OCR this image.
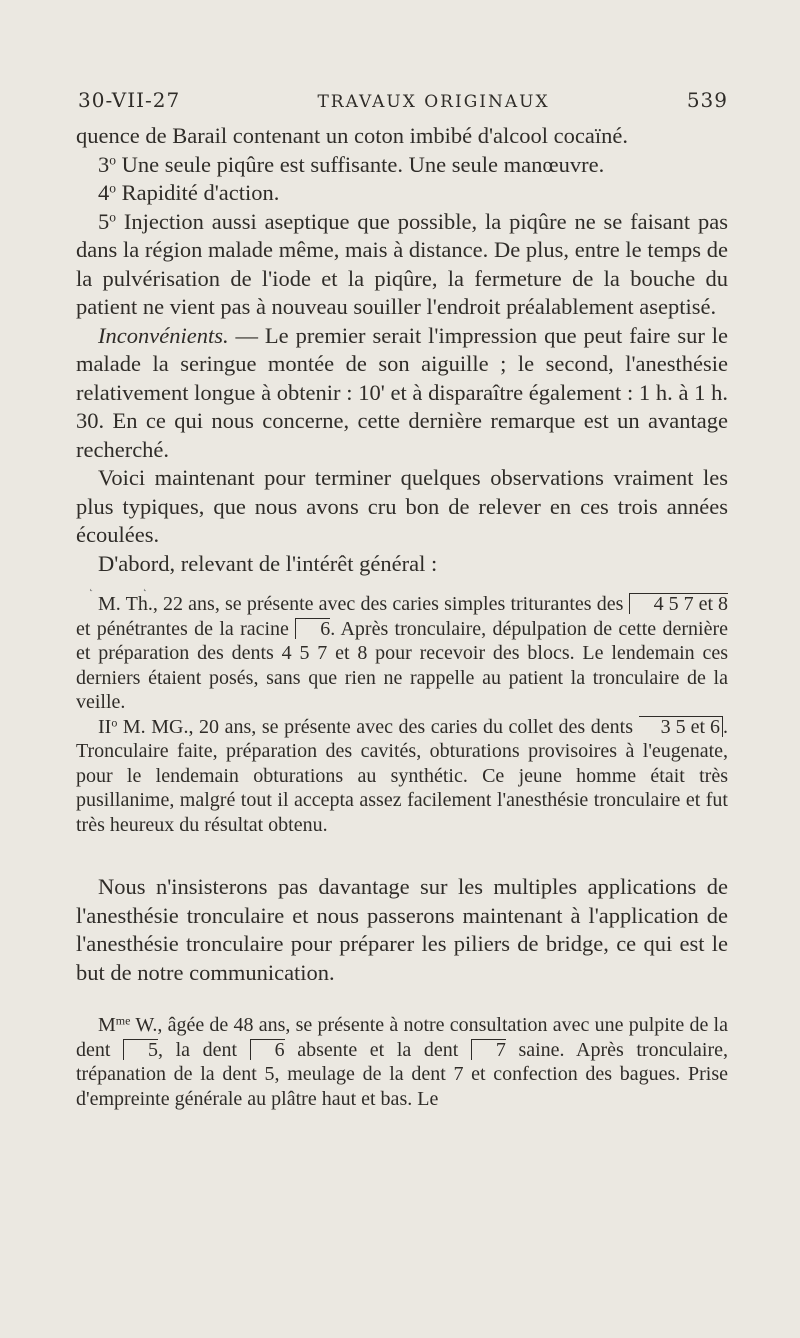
30-VII-27	TRAVAUX ORIGINAUX	539

quence de Barail contenant un coton imbibé d'alcool cocaïné.

3$^o$ Une seule piqûre est suffisante. Une seule manœuvre.

4$^o$ Rapidité d'action.

5$^o$ Injection aussi aseptique que possible, la piqûre ne se faisant pas dans la région malade même, mais à distance. De plus, entre le temps de la pulvérisation de l'iode et la piqûre, la fermeture de la bouche du patient ne vient pas à nouveau souiller l'endroit préalablement aseptisé.

Inconvénients. — Le premier serait l'impression que peut faire sur le malade la seringue montée de son aiguille ; le second, l'anesthésie relativement longue à obtenir : 10' et à disparaître également : 1 h. à 1 h. 30. En ce qui nous concerne, cette dernière remarque est un avantage recherché.

Voici maintenant pour terminer quelques observations vraiment les plus typiques, que nous avons cru bon de relever en ces trois années écoulées.

D'abord, relevant de l'intérêt général :

˛ ˛

M. Th., 22 ans, se présente avec des caries simples triturantes des 4 5 7 et 8 et pénétrantes de la racine 6. Après tronculaire, dépulpation de cette dernière et préparation des dents 4 5 7 et 8 pour recevoir des blocs. Le lendemain ces derniers étaient posés, sans que rien ne rappelle au patient la tronculaire de la veille.

$II^o$ M. MG., 20 ans, se présente avec des caries du collet des dents 3 5 et 6 . Tronculaire faite, préparation des cavités, obturations provisoires à l'eugenate, pour le lendemain obturations au synthétic. Ce jeune homme était très pusillanime, malgré tout il accepta assez facilement l'anesthésie tronculaire et fut très heureux du résultat obtenu.

Nous n'insisterons pas davantage sur les multiples applications de l'anesthésie tronculaire et nous passerons maintenant à l'application de l'anesthésie tronculaire pour préparer les piliers de bridge, ce qui est le but de notre communication.

$M^{me}$ W., âgée de 48 ans, se présente à notre consultation avec une pulpite de la dent 5, la dent 6 absente et la dent 7 saine. Après tronculaire, trépanation de la dent 5, meulage de la dent 7 et confection des bagues. Prise d'empreinte générale au plâtre haut et bas. Le
